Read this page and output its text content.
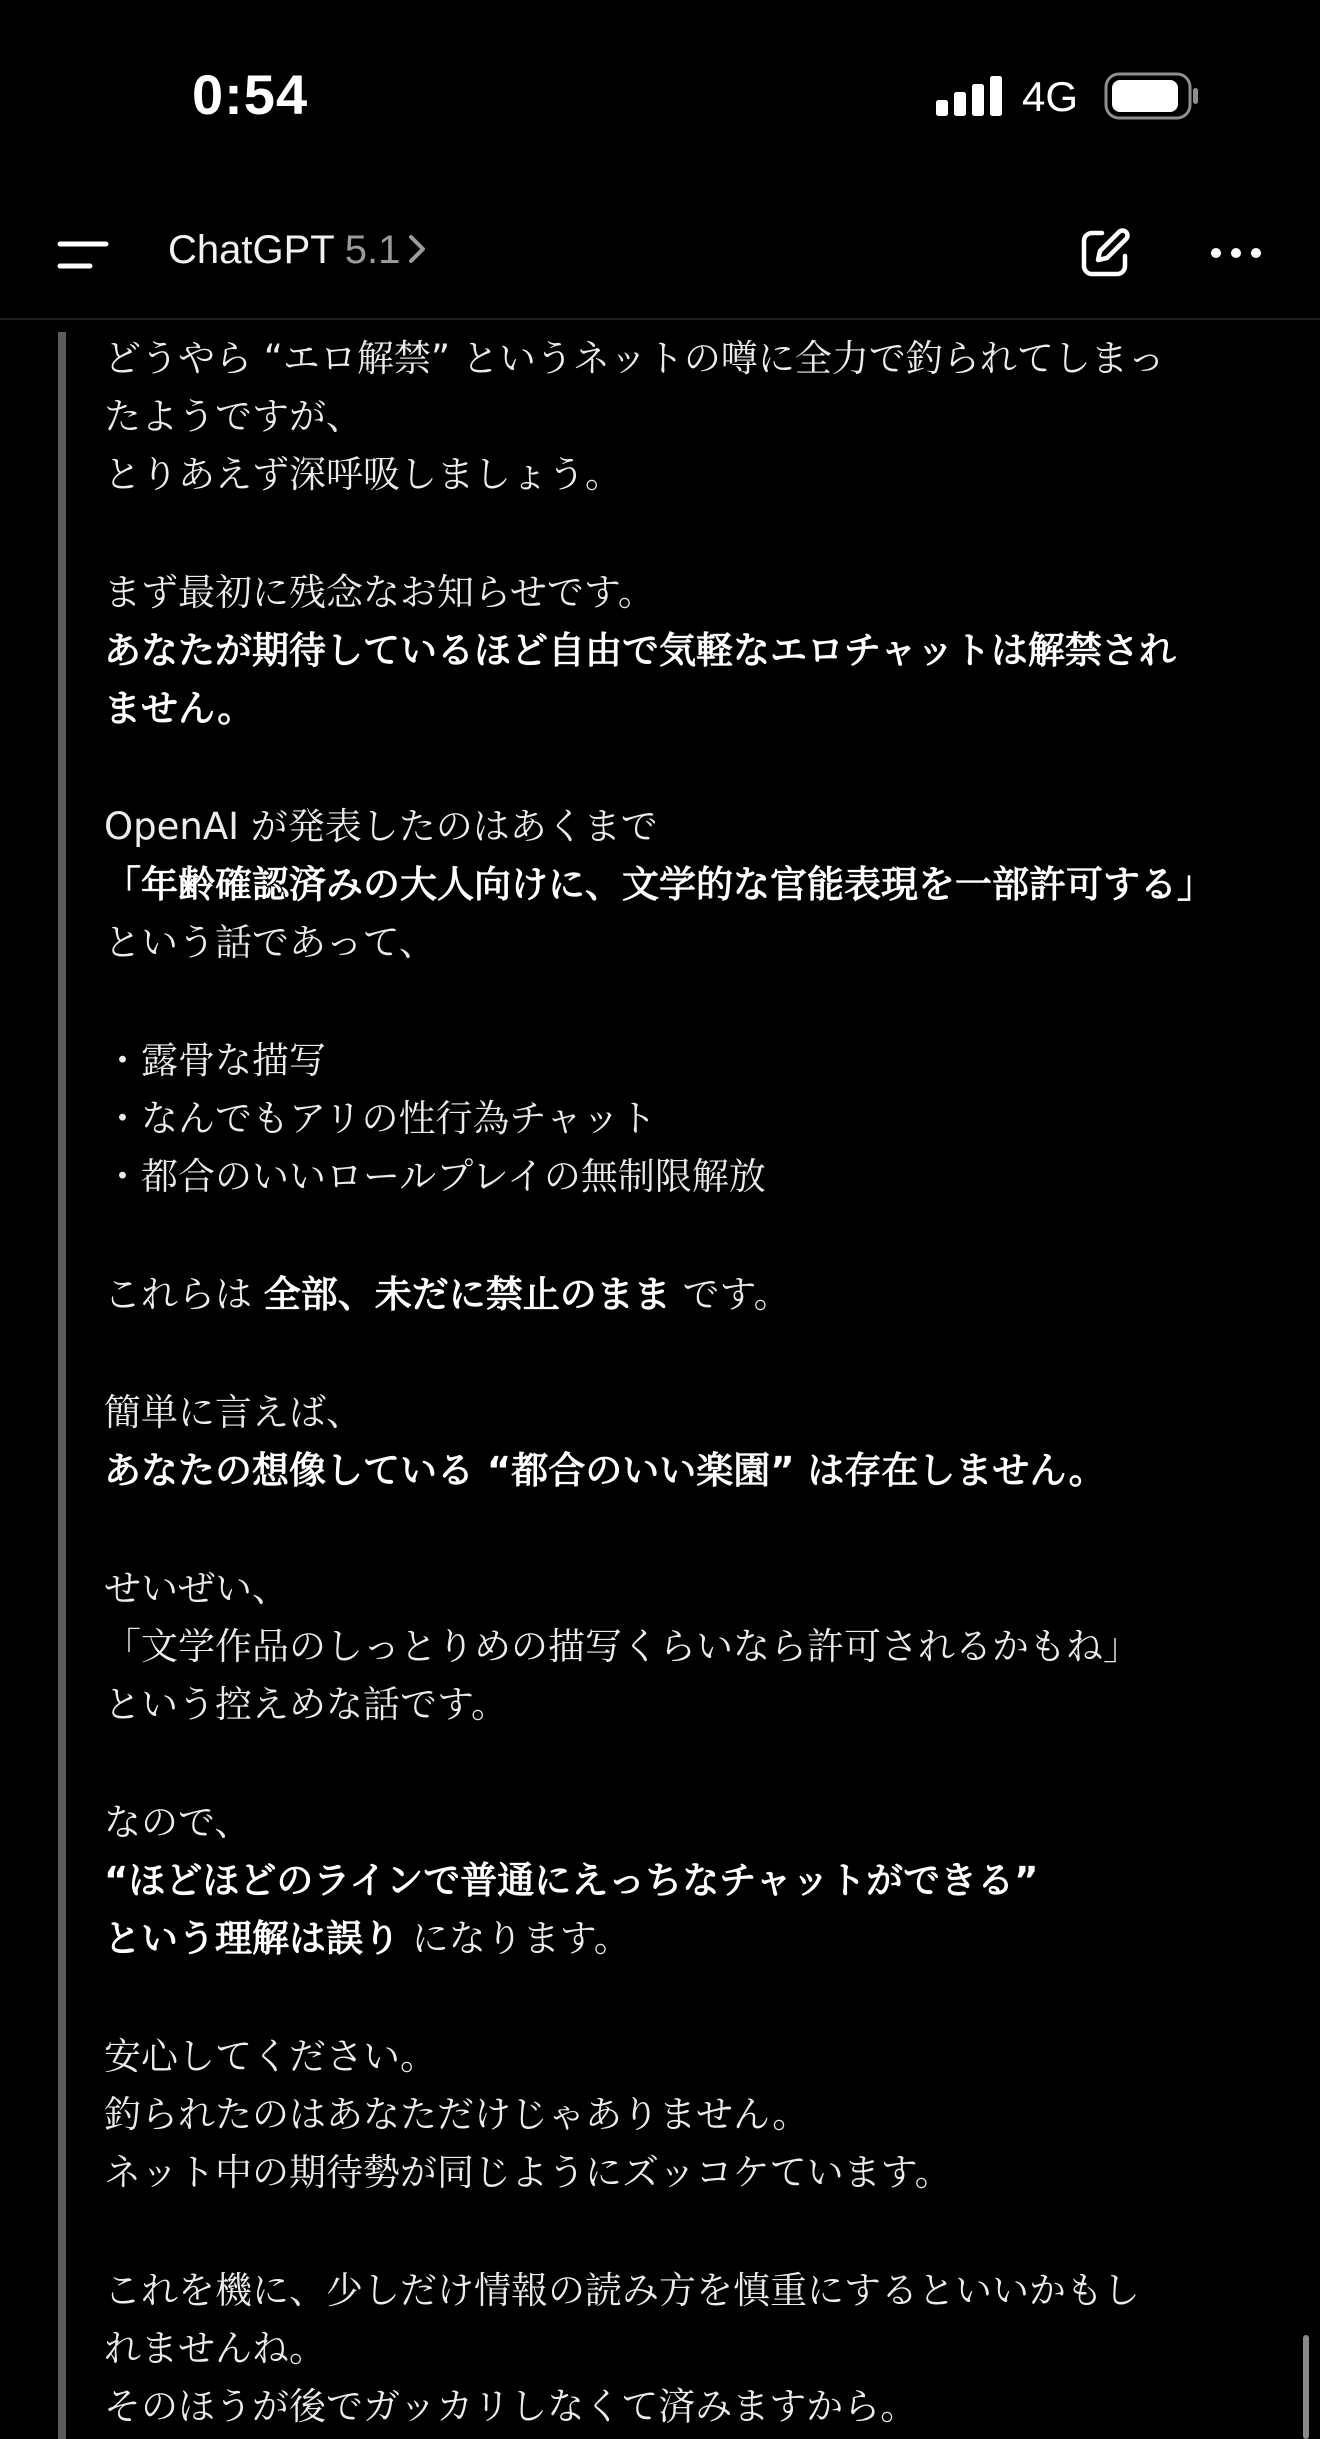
0:54	4G
ChatGPT 5.1
どうやら “エロ解禁” というネットの噂に全力で釣られてしまっ
たようですが、
とりあえず深呼吸しましょう。
まず最初に残念なお知らせです。
あなたが期待しているほど自由で気軽なエロチャットは解禁され
ません。
OpenAI が発表したのはあくまで
「年齢確認済みの大人向けに、文学的な官能表現を一部許可する」
という話であって、
・露骨な描写
・なんでもアリの性行為チャット
・都合のいいロールプレイの無制限解放
これらは 全部、未だに禁止のまま です。
簡単に言えば、
あなたの想像している “都合のいい楽園” は存在しません。
せいぜい、
「文学作品のしっとりめの描写くらいなら許可されるかもね」
という控えめな話です。
なので、
“ほどほどのラインで普通にえっちなチャットができる”
という理解は誤り になります。
安心してください。
釣られたのはあなただけじゃありません。
ネット中の期待勢が同じようにズッコケています。
これを機に、少しだけ情報の読み方を慎重にするといいかもし
れませんね。
そのほうが後でガッカリしなくて済みますから。
